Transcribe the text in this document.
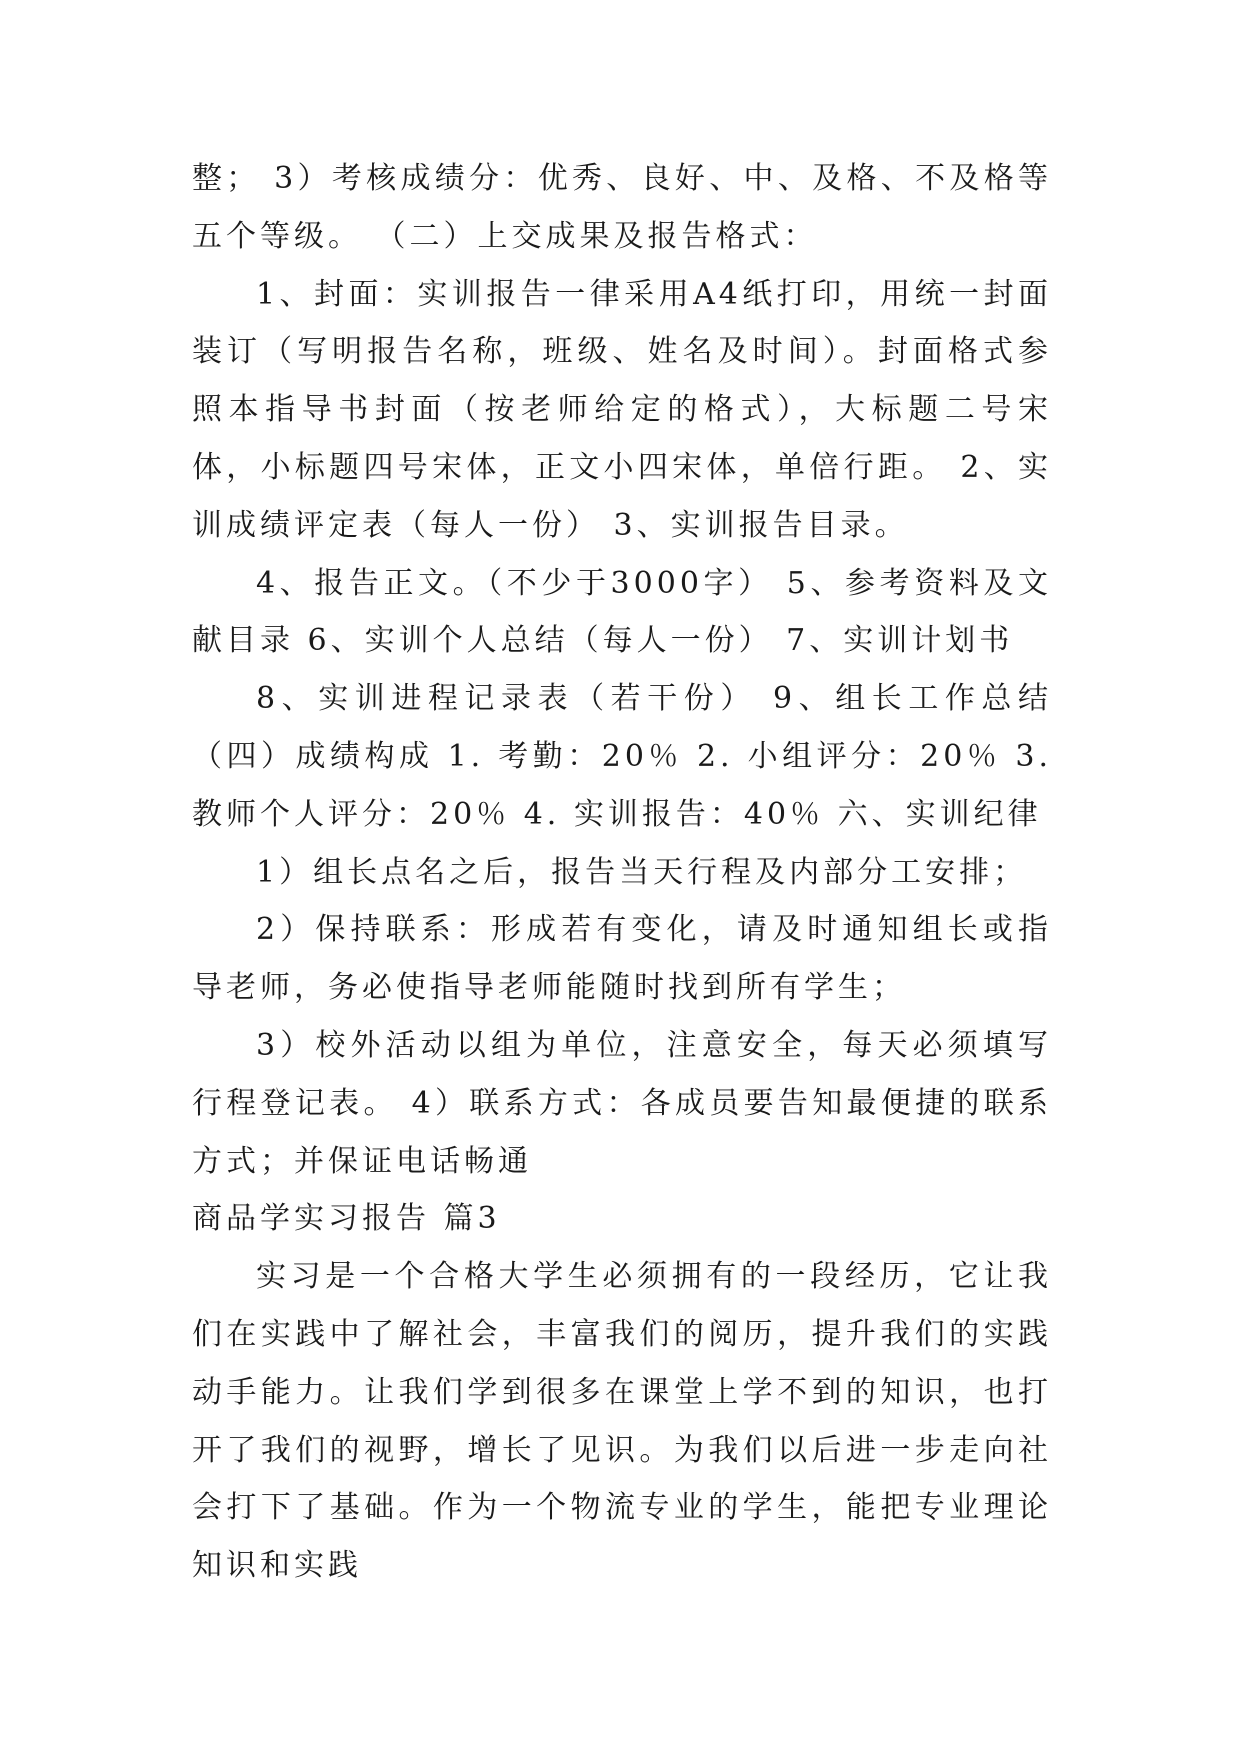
整； 3）考核成绩分：优秀、良好、中、及格、不及格等五个等级。 （二）上交成果及报告格式：

1、封面：实训报告一律采用A4纸打印，用统一封面装订（写明报告名称，班级、姓名及时间）。封面格式参照本指导书封面（按老师给定的格式），大标题二号宋体，小标题四号宋体，正文小四宋体，单倍行距。 2、实训成绩评定表（每人一份） 3、实训报告目录。

4、报告正文。（不少于3000字） 5、参考资料及文献目录 6、实训个人总结（每人一份） 7、实训计划书

8、实训进程记录表（若干份） 9、组长工作总结 （四）成绩构成 1. 考勤：20％ 2. 小组评分：20％ 3. 教师个人评分：20％ 4. 实训报告：40％ 六、实训纪律

1）组长点名之后，报告当天行程及内部分工安排；

2）保持联系：形成若有变化，请及时通知组长或指导老师，务必使指导老师能随时找到所有学生；

3）校外活动以组为单位，注意安全，每天必须填写行程登记表。 4）联系方式：各成员要告知最便捷的联系方式；并保证电话畅通

商品学实习报告 篇3

实习是一个合格大学生必须拥有的一段经历，它让我们在实践中了解社会，丰富我们的阅历，提升我们的实践动手能力。让我们学到很多在课堂上学不到的知识，也打开了我们的视野，增长了见识。为我们以后进一步走向社会打下了基础。作为一个物流专业的学生，能把专业理论知识和实践
